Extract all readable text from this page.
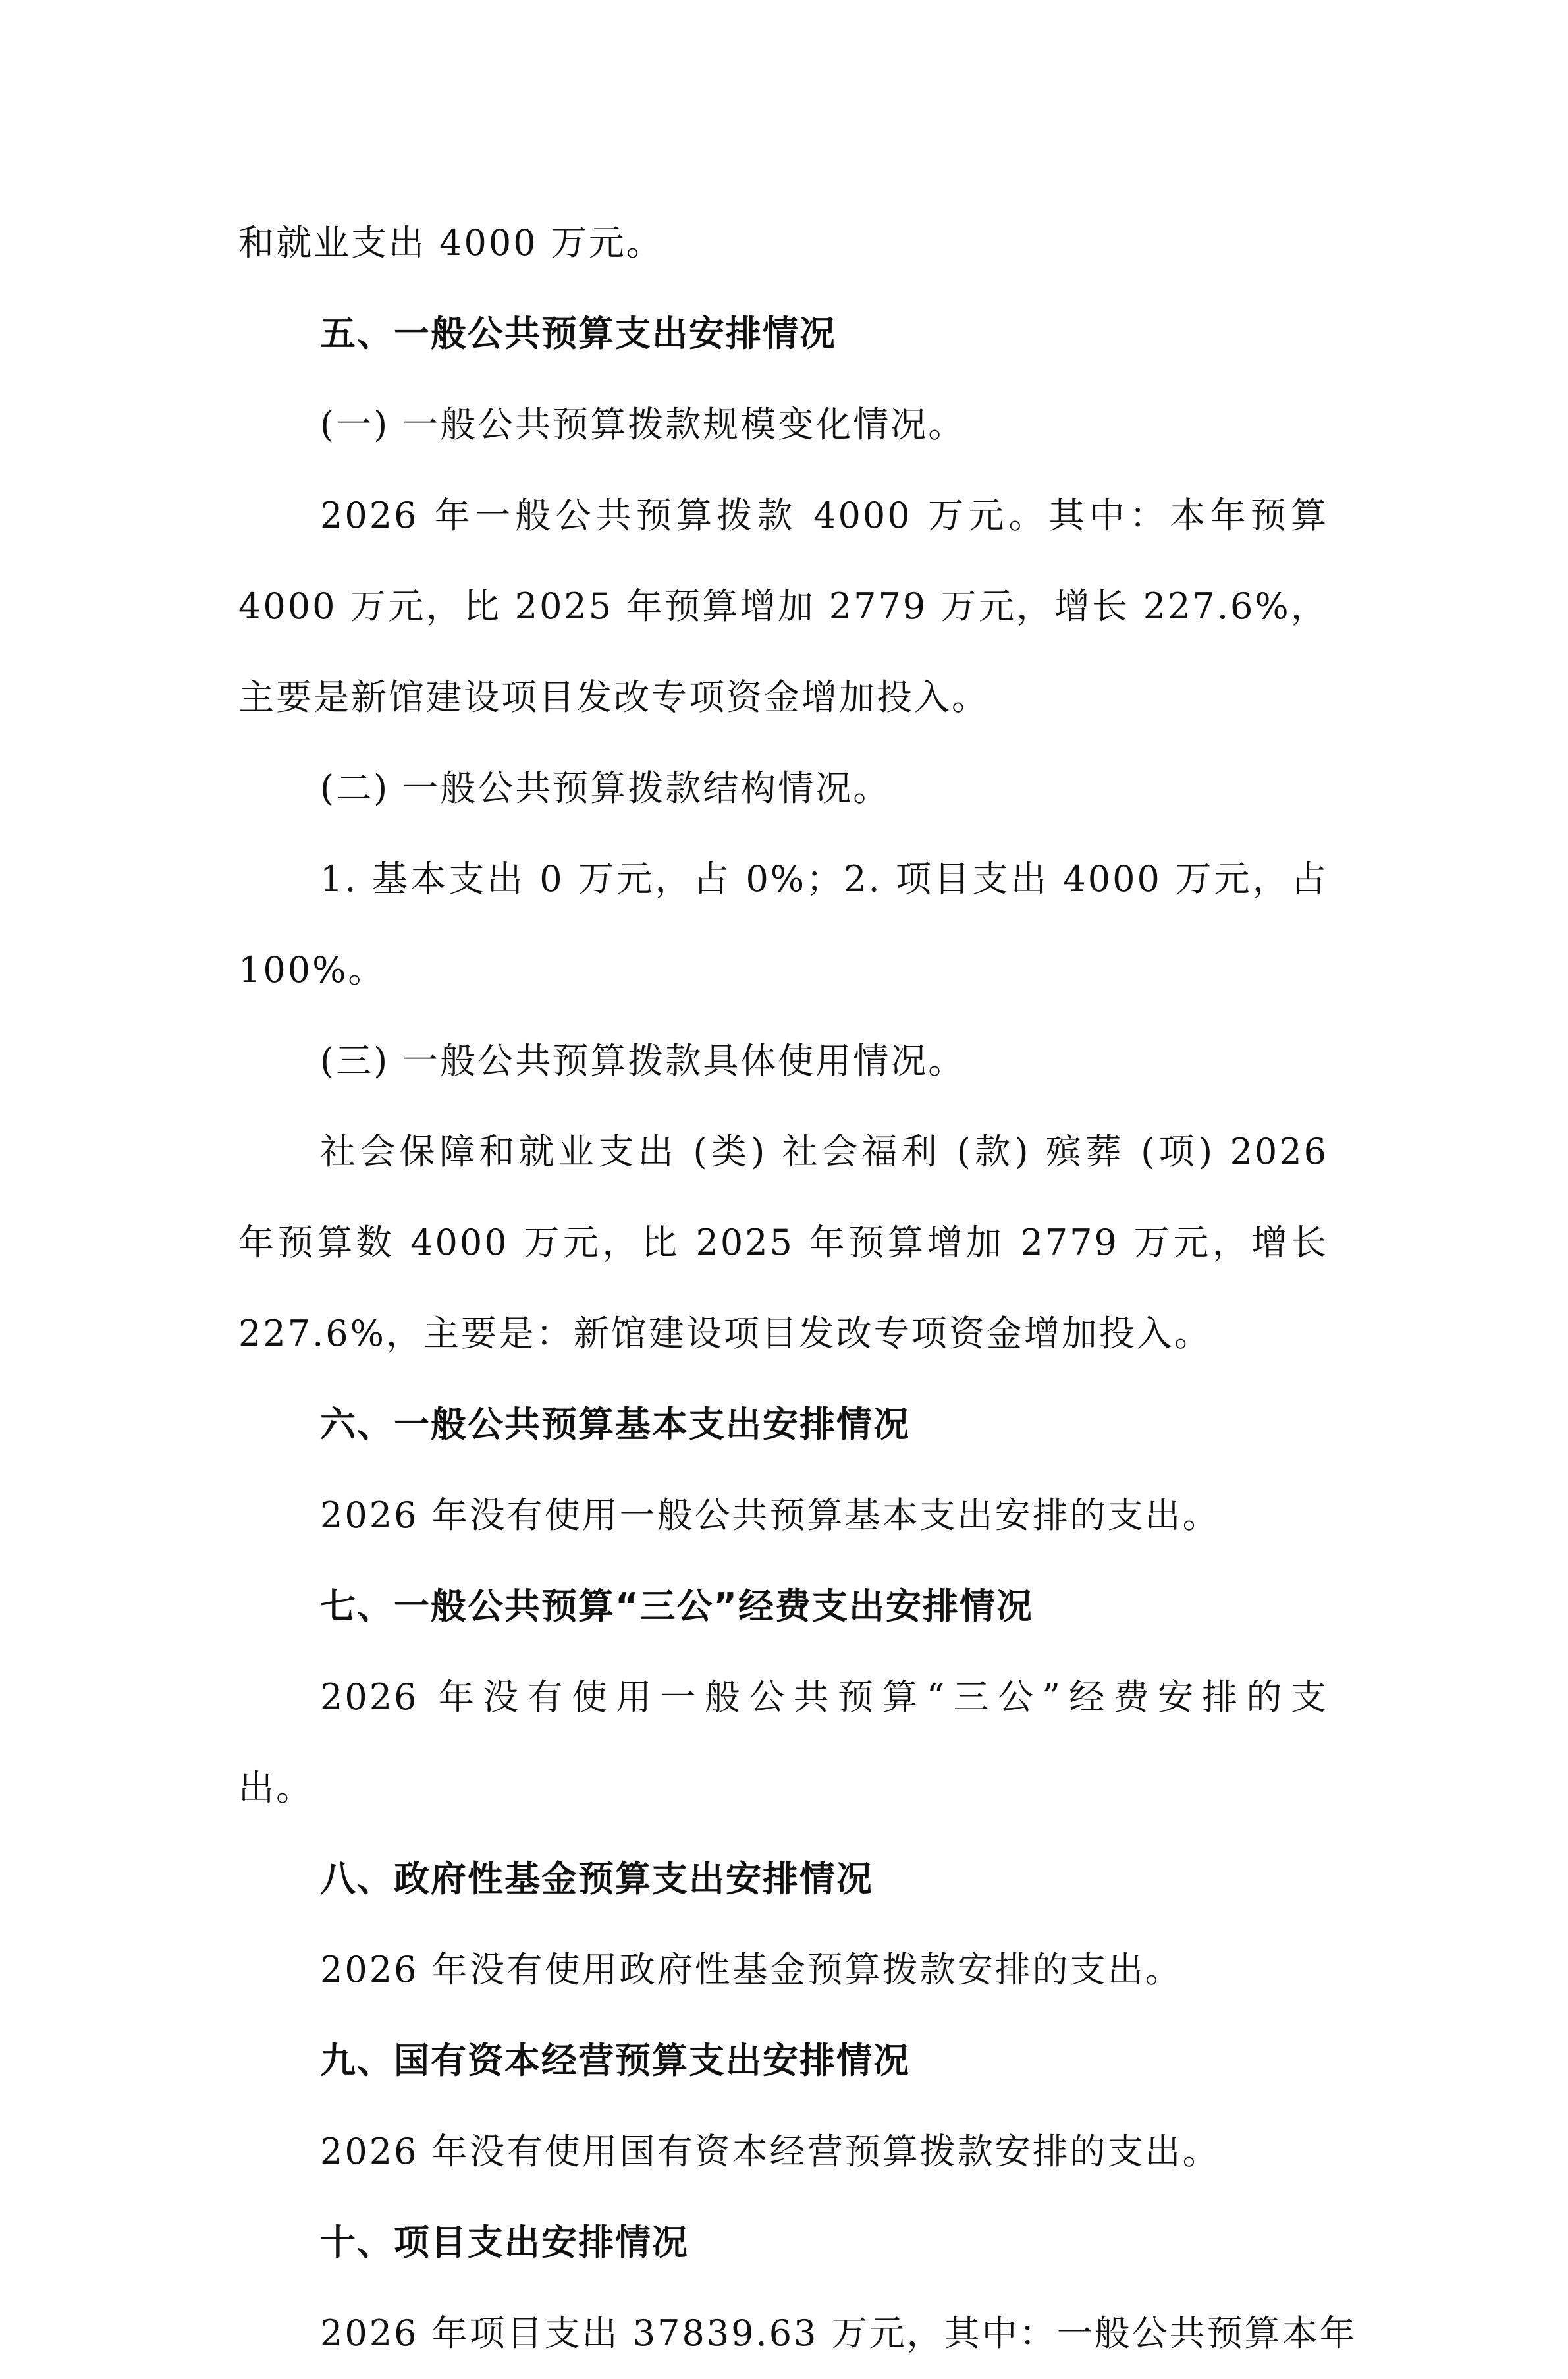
和就业支出 4000 万元。
五、一般公共预算支出安排情况
(一) 一般公共预算拨款规模变化情况。
2026 年一般公共预算拨款 4000 万元。其中：本年预算
4000 万元，比 2025 年预算增加 2779 万元，增长 227.6%，
主要是新馆建设项目发改专项资金增加投入。
(二) 一般公共预算拨款结构情况。
1. 基本支出 0 万元，占 0%；2. 项目支出 4000 万元，占
100%。
(三) 一般公共预算拨款具体使用情况。
社会保障和就业支出 (类) 社会福利 (款) 殡葬 (项) 2026
年预算数 4000 万元，比 2025 年预算增加 2779 万元，增长
227.6%，主要是：新馆建设项目发改专项资金增加投入。
六、一般公共预算基本支出安排情况
2026 年没有使用一般公共预算基本支出安排的支出。
七、一般公共预算“三公”经费支出安排情况
2026 年没有使用一般公共预算“三公”经费安排的支
出。
八、政府性基金预算支出安排情况
2026 年没有使用政府性基金预算拨款安排的支出。
九、国有资本经营预算支出安排情况
2026 年没有使用国有资本经营预算拨款安排的支出。
十、项目支出安排情况
2026 年项目支出 37839.63 万元，其中：一般公共预算本年
